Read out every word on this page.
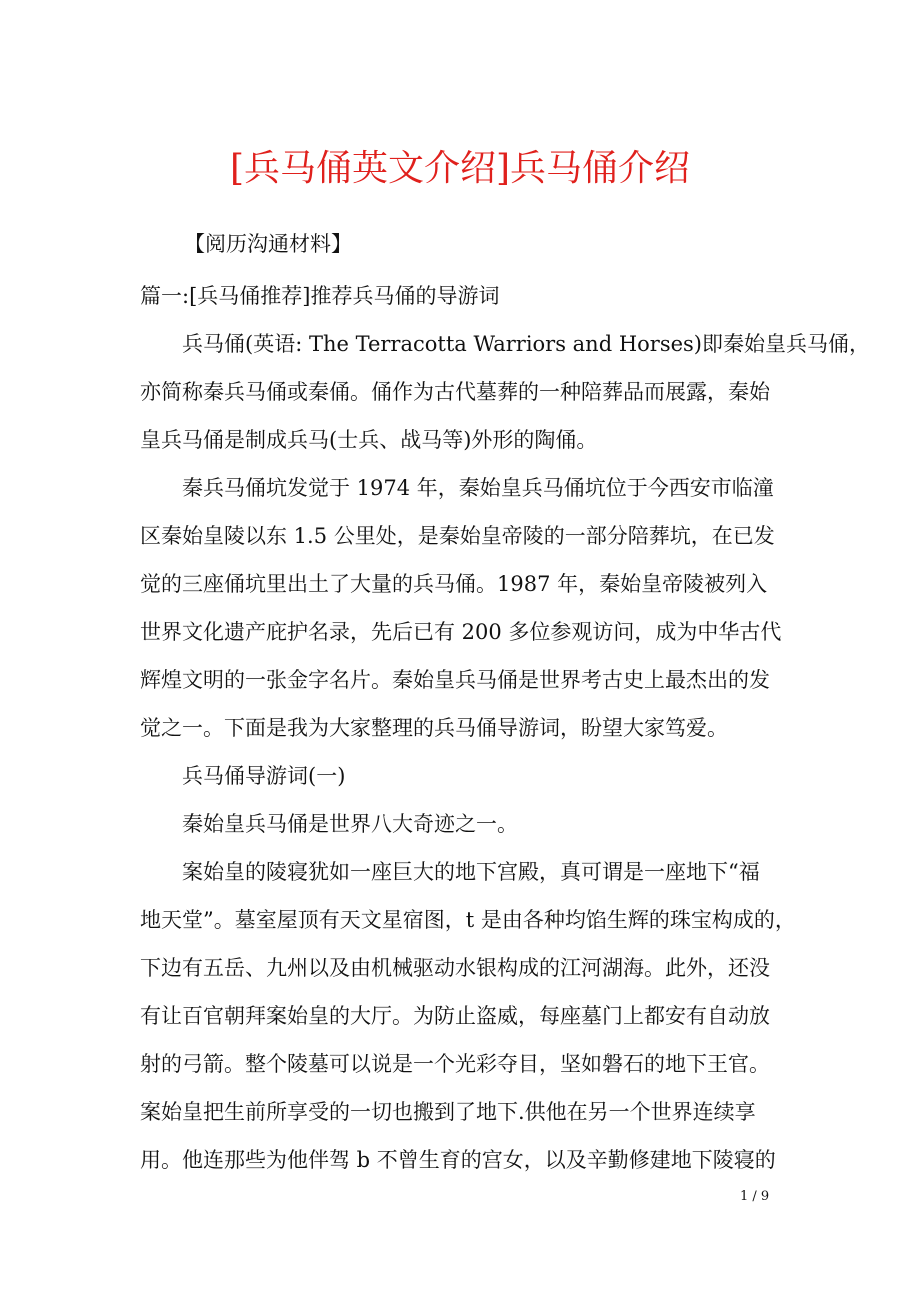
[兵马俑英文介绍]兵马俑介绍
【阅历沟通材料】
篇一:[兵马俑推荐]推荐兵马俑的导游词
兵马俑(英语: The Terracotta Warriors and Horses)即秦始皇兵马俑，
亦简称秦兵马俑或秦俑。俑作为古代墓葬的一种陪葬品而展露，秦始
皇兵马俑是制成兵马(士兵、战马等)外形的陶俑。
秦兵马俑坑发觉于 1974 年，秦始皇兵马俑坑位于今西安市临潼
区秦始皇陵以东 1.5 公里处，是秦始皇帝陵的一部分陪葬坑，在已发
觉的三座俑坑里出土了大量的兵马俑。1987 年，秦始皇帝陵被列入
世界文化遗产庇护名录，先后已有 200 多位参观访问，成为中华古代
辉煌文明的一张金字名片。秦始皇兵马俑是世界考古史上最杰出的发
觉之一。下面是我为大家整理的兵马俑导游词，盼望大家笃爱。
兵马俑导游词(一)
秦始皇兵马俑是世界八大奇迹之一。
案始皇的陵寝犹如一座巨大的地下宫殿，真可谓是一座地下“福
地天堂”。墓室屋顶有天文星宿图，t 是由各种均馅生辉的珠宝构成的，
下边有五岳、九州以及由机械驱动水银构成的江河湖海。此外，还没
有让百官朝拜案始皇的大厅。为防止盗威，每座墓门上都安有自动放
射的弓箭。整个陵墓可以说是一个光彩夺目，坚如磐石的地下王官。
案始皇把生前所享受的一切也搬到了地下.供他在另一个世界连续享
用。他连那些为他伴驾 b 不曾生育的宫女，以及辛勤修建地下陵寝的
1 / 9
